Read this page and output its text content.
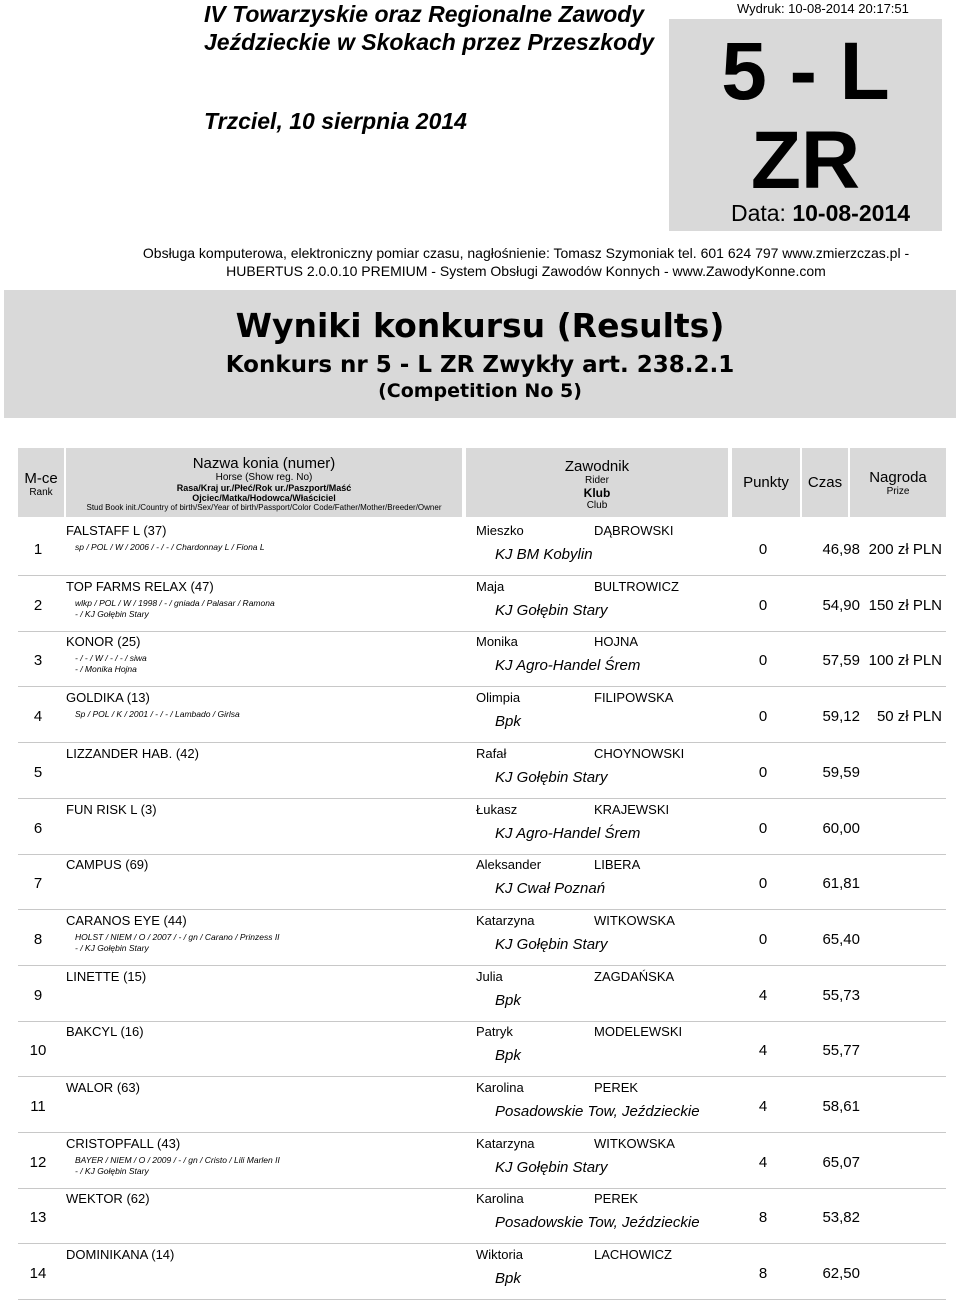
IV Towarzyskie oraz Regionalne Zawody Jeździeckie w Skokach przez Przeszkody
Trzciel, 10 sierpnia 2014
Wydruk: 10-08-2014 20:17:51
5 - L
ZR
Data: 10-08-2014
Obsługa komputerowa, elektroniczny pomiar czasu, nagłośnienie: Tomasz Szymoniak tel. 601 624 797 www.zmierzczas.pl -
HUBERTUS 2.0.0.10 PREMIUM - System Obsługi Zawodów Konnych - www.ZawodyKonne.com
Wyniki konkursu (Results)
Konkurs nr 5 - L ZR Zwykły art. 238.2.1
(Competition No 5)
M-ce
Rank
Nazwa konia (numer)
Horse (Show reg. No)
Rasa/Kraj ur./Płeć/Rok ur./Paszport/Maść
Ojciec/Matka/Hodowca/Właściciel
Stud Book init./Country of birth/Sex/Year of birth/Passport/Color Code/Father/Mother/Breeder/Owner
Zawodnik
Rider
Klub
Club
Punkty	Czas	Nagroda
Prize
1
FALSTAFF L (37)
sp / POL / W / 2006 / - / - / Chardonnay L / Fiona L
Mieszko	DĄBROWSKI
KJ BM Kobylin	0	46,98 200 zł PLN
2
TOP FARMS RELAX (47)
wlkp / POL / W / 1998 / - / gniada / Palasar / Ramona
- / KJ Gołębin Stary
Maja	BULTROWICZ
KJ Gołębin Stary	0	54,90 150 zł PLN
3
KONOR (25)
- / - / W / - / - / siwa
- / Monika Hojna
Monika	HOJNA
KJ Agro-Handel Śrem	0	57,59 100 zł PLN
4
GOLDIKA (13)
Sp / POL / K / 2001 / - / - / Lambado / Girlsa
Olimpia	FILIPOWSKA
Bpk	0	59,12	50 zł PLN
5
LIZZANDER HAB. (42)	Rafał	CHOYNOWSKI
KJ Gołębin Stary	0	59,59
6
FUN RISK L (3)	Łukasz	KRAJEWSKI
KJ Agro-Handel Śrem	0	60,00
7
CAMPUS (69)	Aleksander	LIBERA
KJ Cwał Poznań	0	61,81
8
CARANOS EYE (44)
HOLST / NIEM / O / 2007 / - / gn / Carano / Prinzess II
- / KJ Gołębin Stary
Katarzyna	WITKOWSKA
KJ Gołębin Stary	0	65,40
9
LINETTE (15)	Julia	ZAGDAŃSKA
Bpk	4	55,73
10
BAKCYL (16)	Patryk	MODELEWSKI
Bpk	4	55,77
11
WALOR (63)	Karolina	PEREK
Posadowskie Tow, Jeździeckie	4	58,61
12
CRISTOPFALL (43)
BAYER / NIEM / O / 2009 / - / gn / Cristo / Lili Marlen II
- / KJ Gołębin Stary
Katarzyna	WITKOWSKA
KJ Gołębin Stary	4	65,07
13
WEKTOR (62)	Karolina	PEREK
Posadowskie Tow, Jeździeckie	8	53,82
14
DOMINIKANA (14)	Wiktoria	LACHOWICZ
Bpk	8	62,50
